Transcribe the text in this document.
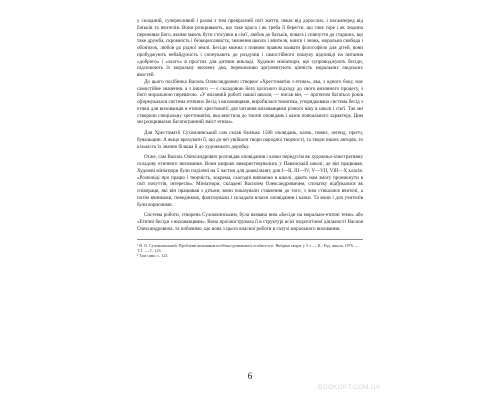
у складний, суперечливий і разом з тим прекрасний світ життя, чекає від дорослих, і насамперед від батьків та вчителів. Вони розкривають, що таке краса і як треба її берегти, що таке горе і як людина переживає його, якими мають бути стосунки в сім'ї, любов до батьків, повага і співчуття до старших, що таке дружба, скромність і безкорисливість; значення школи і вчителя, книги і знань, моральна свобода і обов'язок, любов до рідної землі. Бесіди можна з повним правом назвати філософією для дітей, вони пробуджують небайдужість і спонукають до роздумів і самостійного пошуку відповіді на питання «доброго» і «злого» в простих для дитини викладі. Художні мініатюри, що супроводжують бесіди, підсилюють їх моральну виховну дію, переконливо аргументують цінність моральних людських якостей.

До цього посібника Василь Олександрович створює «Хрестоматію з етики», яка, з одного боку, має самостійне значення, а з іншого — є складовою його цілісного підходу до свого виховного процесу, з його моральною перевагою. «У виховній роботі нашої школи, — писав він, — протягом багатьох років сформувалася система етичних бесід з вихованцями, виробилася тематика, упорядкована система бесід з етики для вихованців в етичні хрестоматії для читання вихованцями різного віку в школі і сім'ї. Так ми створили спеціальну хрестоматію, яка вмістила до тисячі оповідань і казок повчального характеру. Цим ми розкриваємо багатогранний зміст етики».

Для Хрестоматії Сухомлинський сам склав близько 1500 оповідань, казок, новел, легенд, притч, бувальщин. А якщо врахувати її, що до неї увійшли твори народної творчості, та твори інших авторів, то кількість їх значно більша й до художнього доробку.

Отже, сам Василь Олександрович розглядав оповідання і казки передусім як художньо-ілюстративну складову етичного виховання. Вони широко використовувались у Павлиській школі, де він працював. Художні мініатюри були поділені на 5 частин для дошкільнят, для І—ІІ, ІІІ—ІV, V—VII, VIII—X класів. «Розповіді про працю і творчість, зокрема, сьогодні вивчаємо в школі, дають нам змогу проникнути в світ почуттів, інтересів». Мініатюри, складені Василем Олександровичем, спочатку відбувалися як співпраця, які він працював з дітьми, вони показували ставлення до того, з чим стикалися вчителі, а потім вчинками, поведінкою, фантазували і складали власні оповідання і казки. Та вони і для учителів були корисними.

Система роботи, створена Сухомлинським, була названа ним «Бесіди на морально-етичні теми» або «Етичні бесіди з вихованцями». Вона проілюструвала її в структурі всієї педагогічної діяльності Василя Олександровича, та побачимо, що вона з цього власної роботи в галузі морального виховання.

¹ В. О. Сухомлинський. Проблеми виховання всебічно розвиненої особистості. Вибрані твори: у 5 т. — К.: Рад. школа, 1976. — Т. I. — С. 123.

² Там само, с. 123.

6
BOOKOPT.COM.UA
